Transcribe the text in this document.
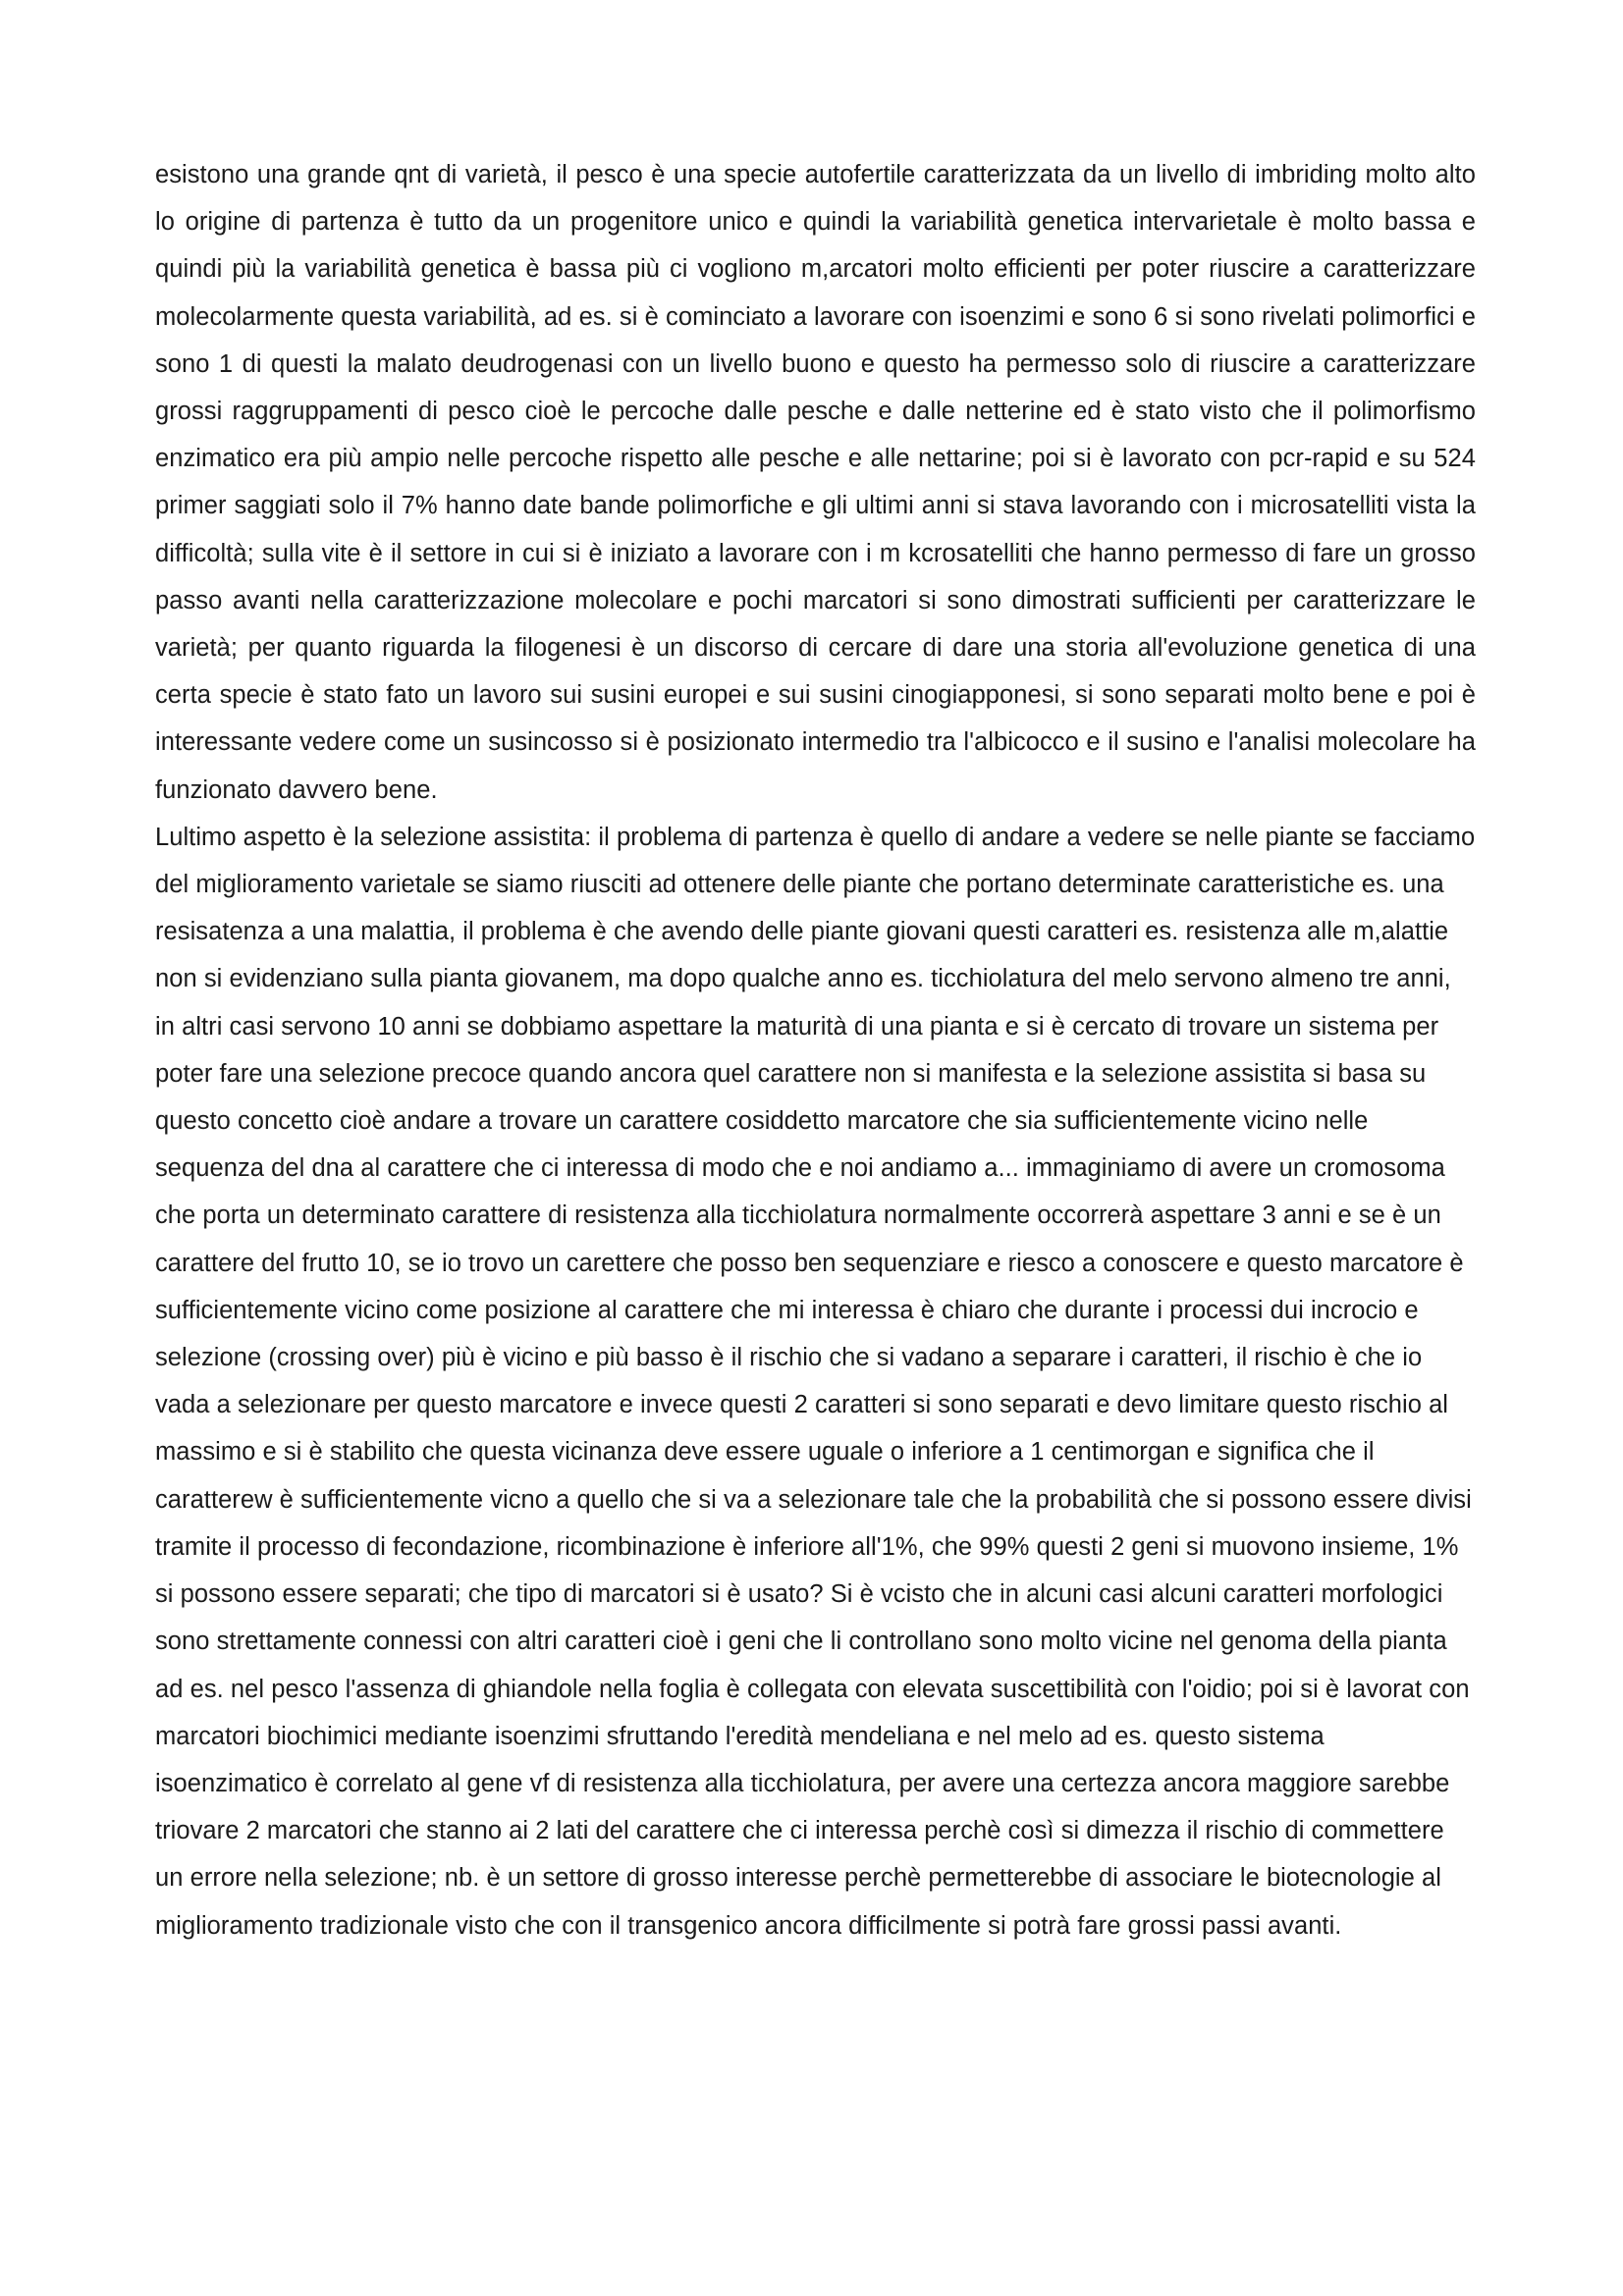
esistono una grande qnt di varietà, il pesco è una specie autofertile caratterizzata da un livello di imbriding molto alto lo origine di partenza è tutto da un progenitore unico e quindi la variabilità genetica intervarietale è molto bassa e quindi più la variabilità genetica è bassa più ci vogliono m,arcatori molto efficienti per poter riuscire a caratterizzare molecolarmente questa variabilità, ad es. si è cominciato a lavorare con isoenzimi e sono 6 si sono rivelati polimorfici e sono 1 di questi la malato deudrogenasi con un livello buono e questo ha permesso solo di riuscire a caratterizzare grossi raggruppamenti di pesco cioè le percoche dalle pesche e dalle netterine ed è stato visto che il polimorfismo enzimatico era più ampio nelle percoche rispetto alle pesche e alle nettarine; poi si è lavorato con pcr-rapid e su 524 primer saggiati solo il 7% hanno date bande polimorfiche e gli ultimi anni si stava lavorando con i microsatelliti vista la difficoltà; sulla vite è il settore in cui si è iniziato a lavorare con i m kcrosatelliti che hanno permesso di fare un grosso passo avanti nella caratterizzazione molecolare e pochi marcatori si sono dimostrati sufficienti per caratterizzare le varietà; per quanto riguarda la filogenesi è un discorso di cercare di dare una storia all'evoluzione genetica di una certa specie è stato fato un lavoro sui susini europei e sui susini cinogiapponesi, si sono separati molto bene e poi è interessante vedere come un susincosso si è posizionato intermedio tra l'albicocco e il susino e l'analisi molecolare ha funzionato davvero bene.

Lultimo aspetto è la selezione assistita: il problema di partenza è quello di andare a vedere se nelle piante se facciamo del miglioramento varietale se siamo riusciti ad ottenere delle piante che portano determinate caratteristiche es. una resisatenza a una malattia, il problema è che avendo delle piante giovani questi caratteri es. resistenza alle m,alattie non si evidenziano sulla pianta giovanem, ma dopo qualche anno es. ticchiolatura del melo servono almeno tre anni, in altri casi servono 10 anni se dobbiamo aspettare la maturità di una pianta e si è cercato di trovare un sistema per poter fare una selezione precoce quando ancora quel carattere non si manifesta e la selezione assistita si basa su questo concetto cioè andare a trovare un carattere cosiddetto marcatore che sia sufficientemente vicino nelle sequenza del dna al carattere che ci interessa di modo che e noi andiamo a... immaginiamo di avere un cromosoma che porta un determinato carattere di resistenza alla ticchiolatura normalmente occorrerà aspettare 3 anni e se è un carattere del frutto 10, se io trovo un carettere che posso ben sequenziare e riesco a conoscere e questo marcatore è sufficientemente vicino come posizione al carattere che mi interessa è chiaro che durante i processi dui incrocio e selezione (crossing over) più è vicino e più basso è il rischio che si vadano a separare i caratteri, il rischio è che io vada a selezionare per questo marcatore e invece questi 2 caratteri si sono separati e devo limitare questo rischio al massimo e si è stabilito che questa vicinanza deve essere uguale o inferiore a 1 centimorgan e significa che il caratterew è sufficientemente vicno a quello che si va a selezionare tale che la probabilità che si possono essere divisi tramite il processo di fecondazione, ricombinazione è inferiore all'1%, che 99% questi 2 geni si muovono insieme, 1% si possono essere separati; che tipo di marcatori si è usato? Si è vcisto che in alcuni casi alcuni caratteri morfologici sono strettamente connessi con altri caratteri cioè i geni che li controllano sono molto vicine nel genoma della pianta ad es. nel pesco l'assenza di ghiandole nella foglia è collegata con elevata suscettibilità con l'oidio; poi si è lavorat con marcatori biochimici mediante isoenzimi sfruttando l'eredità mendeliana e nel melo ad es. questo sistema isoenzimatico è correlato al gene vf di resistenza alla ticchiolatura, per avere una certezza ancora maggiore sarebbe triovare 2 marcatori che stanno ai 2 lati del carattere che ci interessa perchè così si dimezza il rischio di commettere un errore nella selezione; nb. è un settore di grosso interesse perchè permetterebbe di associare le biotecnologie al miglioramento tradizionale visto che con il transgenico ancora difficilmente si potrà fare grossi passi avanti.
